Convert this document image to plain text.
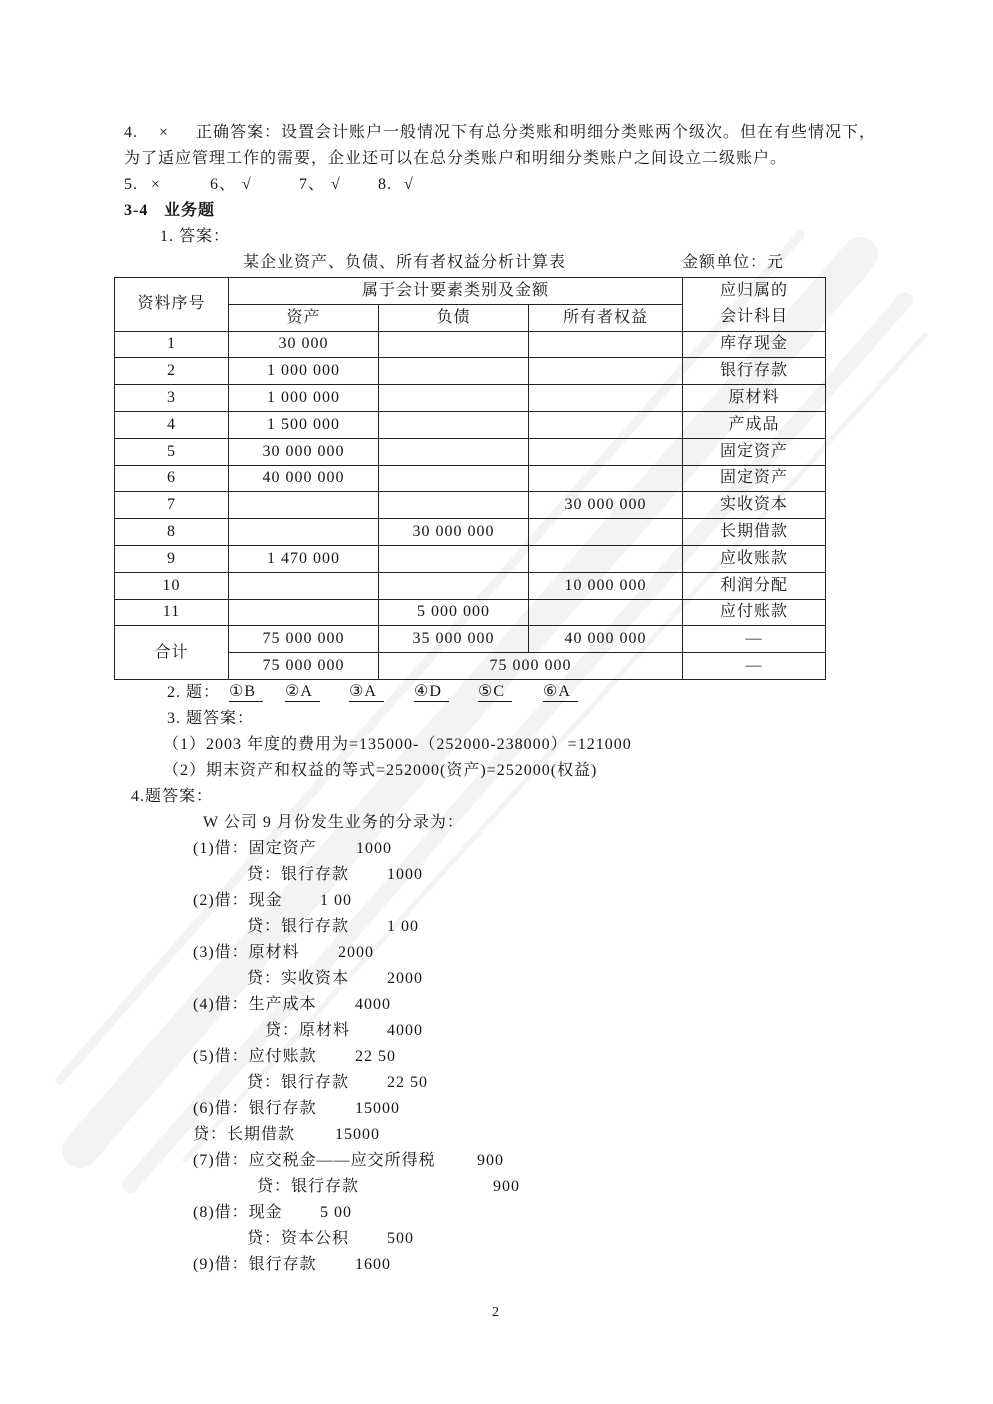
4. × 正确答案：设置会计账户一般情况下有总分类账和明细分类账两个级次。但在有些情况下，
为了适应管理工作的需要，企业还可以在总分类账户和明细分类账户之间设立二级账户。
5. ×	6、 √	7、 √ 8. √
3-4 业务题
1. 答案：
某企业资产、负债、所有者权益分析计算表	金额单位：元
资料序号	属于会计要素类别及金额			应归属的
会计科目

	资产	负债	所有者权益	
1	30 000			库存现金
2	1 000 000			银行存款
3	1 000 000			原材料
4	1 500 000			产成品
5	30 000 000			固定资产
6	40 000 000			固定资产
7			30 000 000	实收资本
8		30 000 000		长期借款
9	1 470 000			应收账款
10			10 000 000	利润分配
11		5 000 000		应付账款
合计	75 000 000	35 000 000	40 000 000	—
	75 000 000	75 000 000		—
2. 题： ①B	②A	③A	④D	⑤C	⑥A
3. 题答案：
（1）2003 年度的费用为=135000-（252000-238000）=121000
（2）期末资产和权益的等式=252000(资产)=252000(权益)
4.题答案：
W 公司 9 月份发生业务的分录为：
(1)借：固定资产 1000
贷：银行存款 1000
(2)借：现金 1 00
贷：银行存款 1 00
(3)借：原材料 2000
贷：实收资本 2000
(4)借：生产成本 4000
贷：原材料 4000
(5)借：应付账款 22 50
贷：银行存款 22 50
(6)借：银行存款 15000
贷：长期借款 15000
(7)借：应交税金——应交所得税	900
贷：银行存款	900
(8)借：现金 5 00
贷：资本公积 500
(9)借：银行存款 1600
2
